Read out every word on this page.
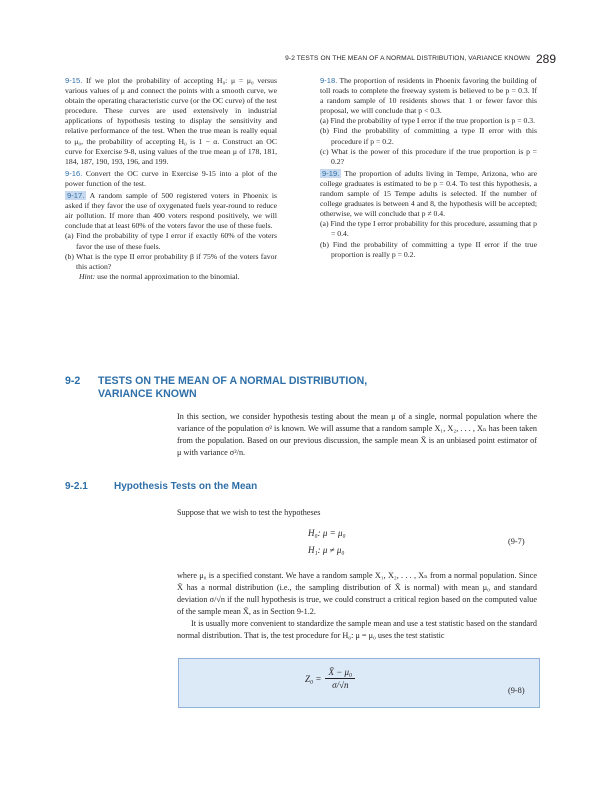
9-2 TESTS ON THE MEAN OF A NORMAL DISTRIBUTION, VARIANCE KNOWN 289

9-15. If we plot the probability of accepting H₀: μ = μ₀ versus various values of μ and connect the points with a smooth curve, we obtain the operating characteristic curve (or the OC curve) of the test procedure. These curves are used extensively in industrial applications of hypothesis testing to display the sensitivity and relative performance of the test. When the true mean is really equal to μ₀, the probability of accepting H₀ is 1 − α. Construct an OC curve for Exercise 9-8, using values of the true mean μ of 178, 181, 184, 187, 190, 193, 196, and 199.

9-16. Convert the OC curve in Exercise 9-15 into a plot of the power function of the test.

9-17. A random sample of 500 registered voters in Phoenix is asked if they favor the use of oxygenated fuels year-round to reduce air pollution. If more than 400 voters respond positively, we will conclude that at least 60% of the voters favor the use of these fuels.

(a) Find the probability of type I error if exactly 60% of the voters favor the use of these fuels.

(b) What is the type II error probability β if 75% of the voters favor this action?

Hint: use the normal approximation to the binomial.

9-18. The proportion of residents in Phoenix favoring the building of toll roads to complete the freeway system is believed to be p = 0.3. If a random sample of 10 residents shows that 1 or fewer favor this proposal, we will conclude that p < 0.3.

(a) Find the probability of type I error if the true proportion is p = 0.3.

(b) Find the probability of committing a type II error with this procedure if p = 0.2.

(c) What is the power of this procedure if the true proportion is p = 0.2?

9-19. The proportion of adults living in Tempe, Arizona, who are college graduates is estimated to be p = 0.4. To test this hypothesis, a random sample of 15 Tempe adults is selected. If the number of college graduates is between 4 and 8, the hypothesis will be accepted; otherwise, we will conclude that p ≠ 0.4.

(a) Find the type I error probability for this procedure, assuming that p = 0.4.

(b) Find the probability of committing a type II error if the true proportion is really p = 0.2.

9-2 TESTS ON THE MEAN OF A NORMAL DISTRIBUTION,
VARIANCE KNOWN

In this section, we consider hypothesis testing about the mean μ of a single, normal population where the variance of the population σ² is known. We will assume that a random sample X₁, X₂, . . . , Xₙ has been taken from the population. Based on our previous discussion, the sample mean X̄ is an unbiased point estimator of μ with variance σ²/n.

9-2.1	Hypothesis Tests on the Mean

Suppose that we wish to test the hypotheses

H₀: μ = μ₀
H₁: μ ≠ μ₀
(9-7)

where μ₀ is a specified constant. We have a random sample X₁, X₂, . . . , Xₙ from a normal population. Since X̄ has a normal distribution (i.e., the sampling distribution of X̄ is normal) with mean μ₀ and standard deviation σ/√n if the null hypothesis is true, we could construct a critical region based on the computed value of the sample mean X̄, as in Section 9-1.2.

It is usually more convenient to standardize the sample mean and use a test statistic based on the standard normal distribution. That is, the test procedure for H₀: μ = μ₀ uses the test statistic

$Z_0 = \frac{\text{X̄ − μ₀}}{\sigma/√n}$
(9-8)
